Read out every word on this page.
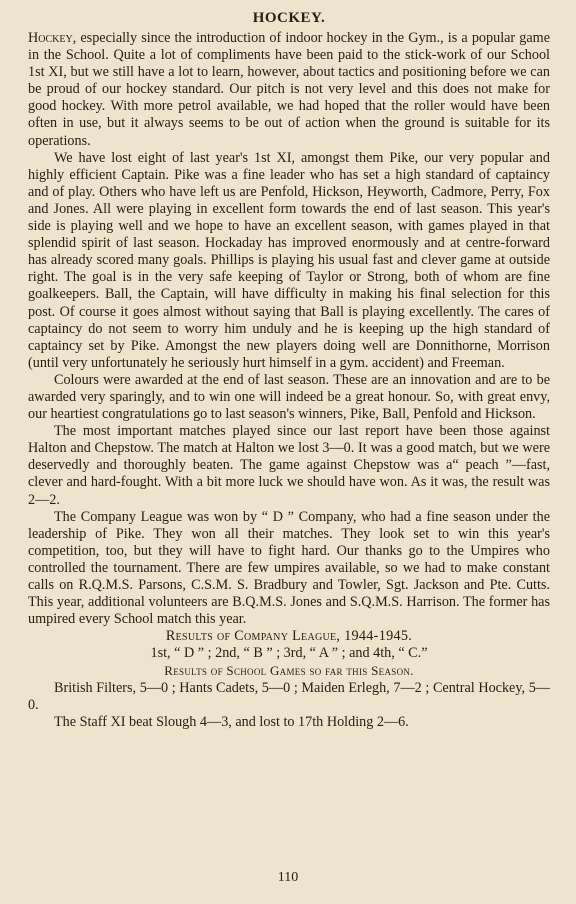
HOCKEY.

Hockey, especially since the introduction of indoor hockey in the Gym., is a popular game in the School. Quite a lot of compliments have been paid to the stick-work of our School 1st XI, but we still have a lot to learn, however, about tactics and positioning before we can be proud of our hockey standard. Our pitch is not very level and this does not make for good hockey. With more petrol available, we had hoped that the roller would have been often in use, but it always seems to be out of action when the ground is suitable for its operations.

We have lost eight of last year's 1st XI, amongst them Pike, our very popular and highly efficient Captain. Pike was a fine leader who has set a high standard of captaincy and of play. Others who have left us are Penfold, Hickson, Heyworth, Cadmore, Perry, Fox and Jones. All were playing in excellent form towards the end of last season. This year's side is playing well and we hope to have an excellent season, with games played in that splendid spirit of last season. Hockaday has improved enormously and at centre-forward has already scored many goals. Phillips is playing his usual fast and clever game at outside right. The goal is in the very safe keeping of Taylor or Strong, both of whom are fine goalkeepers. Ball, the Captain, will have difficulty in making his final selection for this post. Of course it goes almost without saying that Ball is playing excellently. The cares of captaincy do not seem to worry him unduly and he is keeping up the high standard of captaincy set by Pike. Amongst the new players doing well are Donnithorne, Morrison (until very unfortunately he seriously hurt himself in a gym. accident) and Freeman.

Colours were awarded at the end of last season. These are an innovation and are to be awarded very sparingly, and to win one will indeed be a great honour. So, with great envy, our heartiest congratulations go to last season's winners, Pike, Ball, Penfold and Hickson.

The most important matches played since our last report have been those against Halton and Chepstow. The match at Halton we lost 3—0. It was a good match, but we were deservedly and thoroughly beaten. The game against Chepstow was a“ peach ”—fast, clever and hard-fought. With a bit more luck we should have won. As it was, the result was 2—2.

The Company League was won by “ D ” Company, who had a fine season under the leadership of Pike. They won all their matches. They look set to win this year's competition, too, but they will have to fight hard. Our thanks go to the Umpires who controlled the tournament. There are few umpires available, so we had to make constant calls on R.Q.M.S. Parsons, C.S.M. S. Bradbury and Towler, Sgt. Jackson and Pte. Cutts. This year, additional volunteers are B.Q.M.S. Jones and S.Q.M.S. Harrison. The former has umpired every School match this year.

Results of Company League, 1944-1945.

1st, “ D ” ; 2nd, “ B ” ; 3rd, “ A ” ; and 4th, “ C.”

Results of School Games so far this Season.

British Filters, 5—0 ; Hants Cadets, 5—0 ; Maiden Erlegh, 7—2 ; Central Hockey, 5—0.

The Staff XI beat Slough 4—3, and lost to 17th Holding 2—6.

110
